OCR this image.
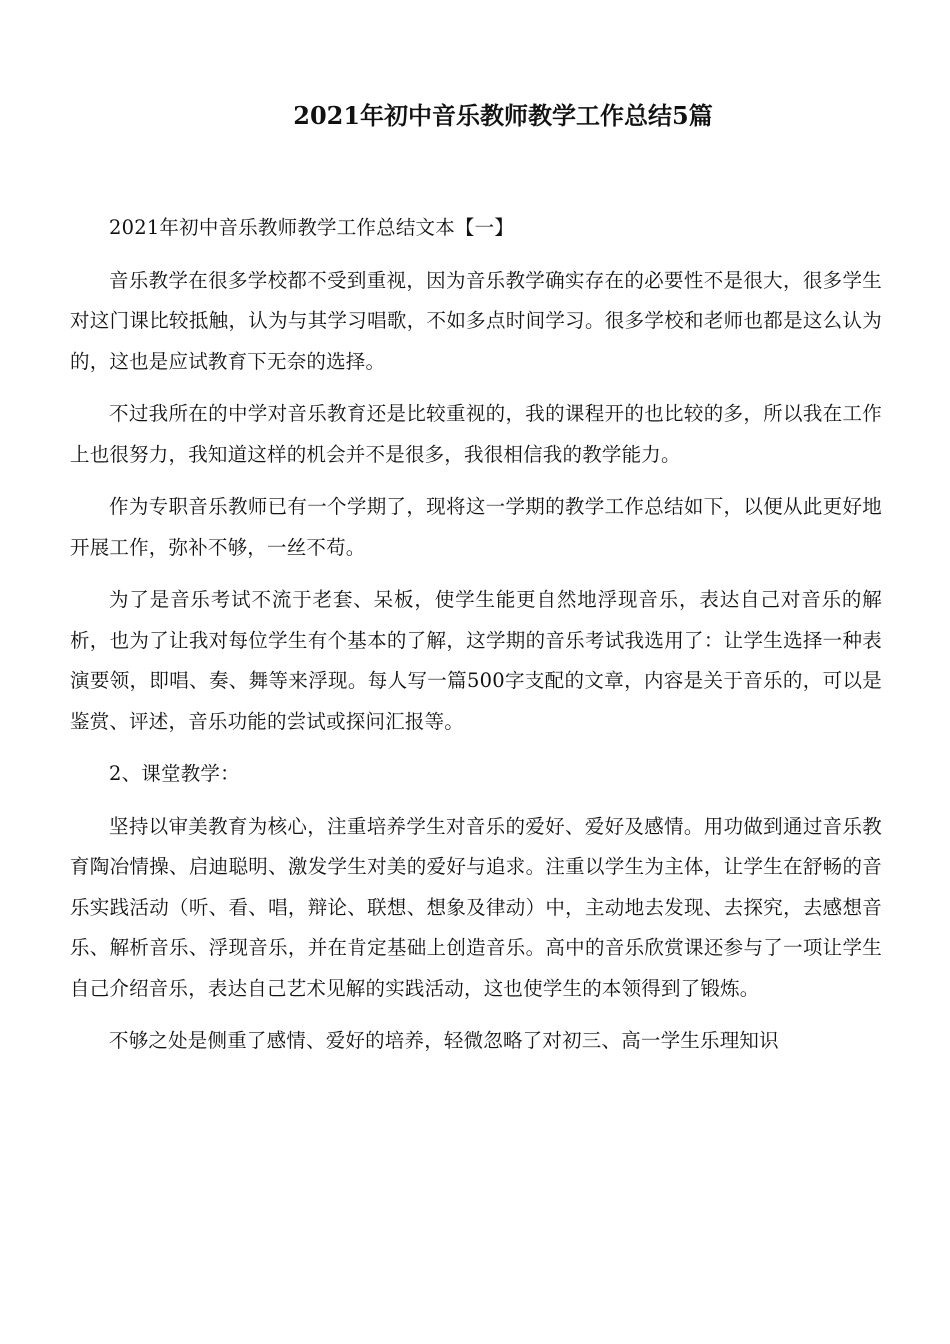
2021年初中音乐教师教学工作总结5篇

2021年初中音乐教师教学工作总结文本【一】

音乐教学在很多学校都不受到重视，因为音乐教学确实存在的必要性不是很大，很多学生对这门课比较抵触，认为与其学习唱歌，不如多点时间学习。很多学校和老师也都是这么认为的，这也是应试教育下无奈的选择。

不过我所在的中学对音乐教育还是比较重视的，我的课程开的也比较的多，所以我在工作上也很努力，我知道这样的机会并不是很多，我很相信我的教学能力。

作为专职音乐教师已有一个学期了，现将这一学期的教学工作总结如下，以便从此更好地开展工作，弥补不够，一丝不苟。

为了是音乐考试不流于老套、呆板，使学生能更自然地浮现音乐，表达自己对音乐的解析，也为了让我对每位学生有个基本的了解，这学期的音乐考试我选用了：让学生选择一种表演要领，即唱、奏、舞等来浮现。每人写一篇500字支配的文章，内容是关于音乐的，可以是鉴赏、评述，音乐功能的尝试或探问汇报等。

2、课堂教学：

坚持以审美教育为核心，注重培养学生对音乐的爱好、爱好及感情。用功做到通过音乐教育陶冶情操、启迪聪明、激发学生对美的爱好与追求。注重以学生为主体，让学生在舒畅的音乐实践活动（听、看、唱，辩论、联想、想象及律动）中，主动地去发现、去探究，去感想音乐、解析音乐、浮现音乐，并在肯定基础上创造音乐。高中的音乐欣赏课还参与了一项让学生自己介绍音乐，表达自己艺术见解的实践活动，这也使学生的本领得到了锻炼。

不够之处是侧重了感情、爱好的培养，轻微忽略了对初三、高一学生乐理知识
